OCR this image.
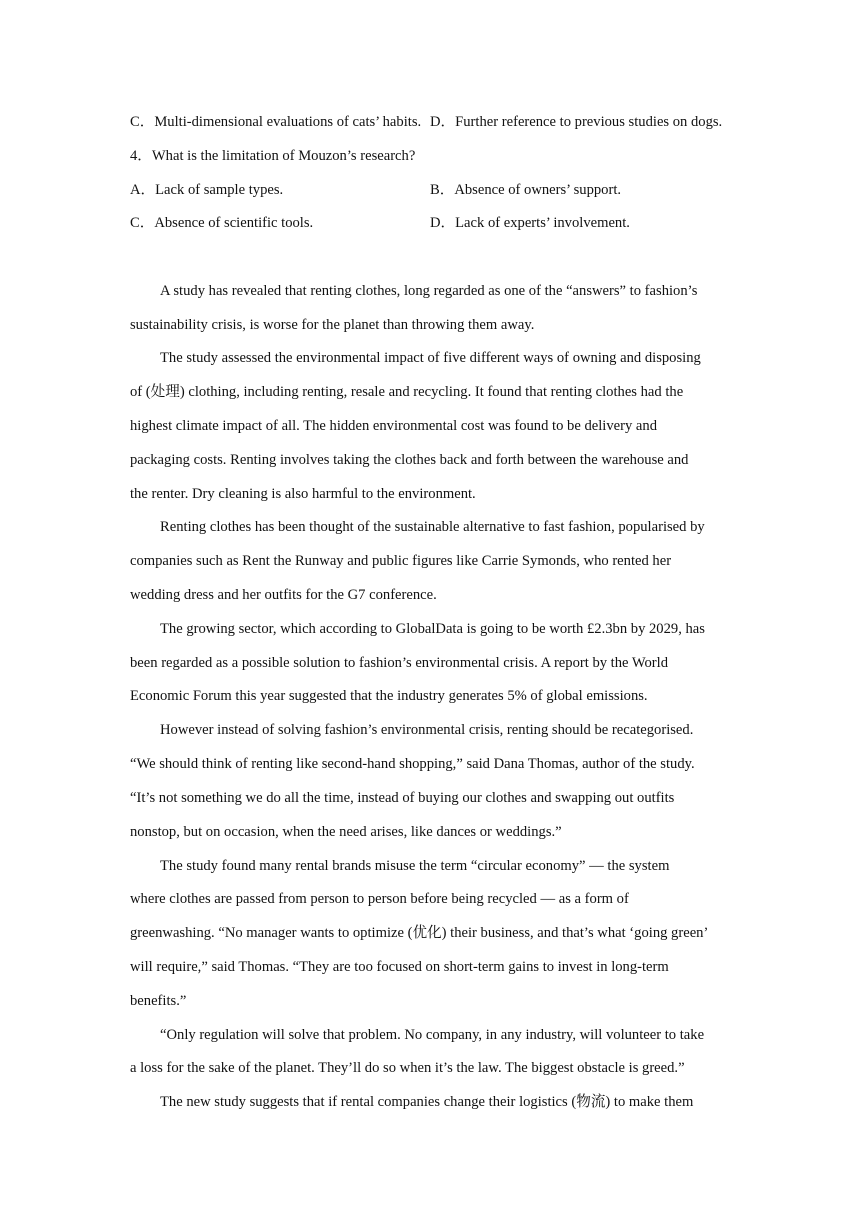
C．Multi-dimensional evaluations of cats’ habits. D．Further reference to previous studies on dogs.
4．What is the limitation of Mouzon’s research?
A．Lack of sample types.	B．Absence of owners’ support.
C．Absence of scientific tools.	D．Lack of experts’ involvement.
A study has revealed that renting clothes, long regarded as one of the “answers” to fashion’s
sustainability crisis, is worse for the planet than throwing them away.
The study assessed the environmental impact of five different ways of owning and disposing
of (处理) clothing, including renting, resale and recycling. It found that renting clothes had the
highest climate impact of all. The hidden environmental cost was found to be delivery and
packaging costs. Renting involves taking the clothes back and forth between the warehouse and
the renter. Dry cleaning is also harmful to the environment.
Renting clothes has been thought of the sustainable alternative to fast fashion, popularised by
companies such as Rent the Runway and public figures like Carrie Symonds, who rented her
wedding dress and her outfits for the G7 conference.
The growing sector, which according to GlobalData is going to be worth £2.3bn by 2029, has
been regarded as a possible solution to fashion’s environmental crisis. A report by the World
Economic Forum this year suggested that the industry generates 5% of global emissions.
However instead of solving fashion’s environmental crisis, renting should be recategorised.
“We should think of renting like second-hand shopping,” said Dana Thomas, author of the study.
“It’s not something we do all the time, instead of buying our clothes and swapping out outfits
nonstop, but on occasion, when the need arises, like dances or weddings.”
The study found many rental brands misuse the term “circular economy” — the system
where clothes are passed from person to person before being recycled — as a form of
greenwashing. “No manager wants to optimize (优化) their business, and that’s what ‘going green’
will require,” said Thomas. “They are too focused on short-term gains to invest in long-term
benefits.”
“Only regulation will solve that problem. No company, in any industry, will volunteer to take
a loss for the sake of the planet. They’ll do so when it’s the law. The biggest obstacle is greed.”
The new study suggests that if rental companies change their logistics (物流) to make them
